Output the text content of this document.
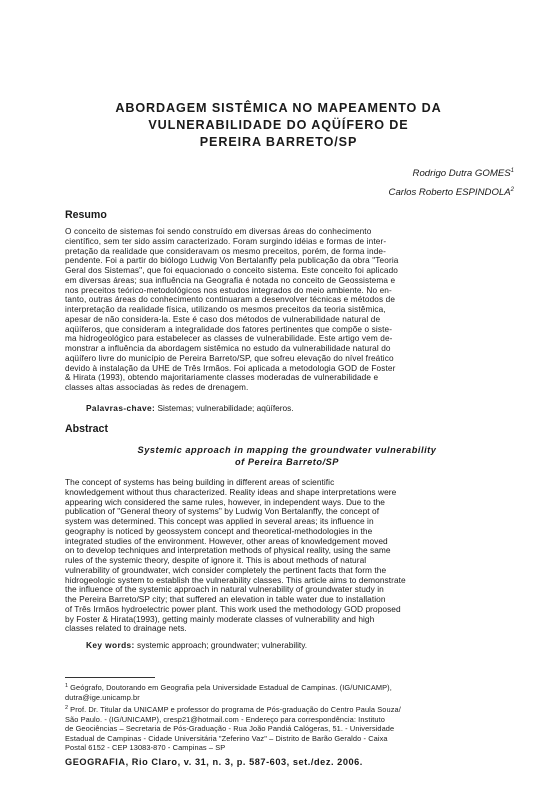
ABORDAGEM SISTÊMICA NO MAPEAMENTO DA
VULNERABILIDADE DO AQÜÍFERO DE
PEREIRA BARRETO/SP
Rodrigo Dutra GOMES$^1$
Carlos Roberto ESPINDOLA$^2$
Resumo

O conceito de sistemas foi sendo construído em diversas áreas do conhecimento
científico, sem ter sido assim caracterizado. Foram surgindo idéias e formas de inter-
pretação da realidade que consideravam os mesmo preceitos, porém, de forma inde-
pendente. Foi a partir do biólogo Ludwig Von Bertalanffy pela publicação da obra "Teoria
Geral dos Sistemas", que foi equacionado o conceito sistema. Este conceito foi aplicado
em diversas áreas; sua influência na Geografia é notada no conceito de Geossistema e
nos preceitos teórico-metodológicos nos estudos integrados do meio ambiente. No en-
tanto, outras áreas do conhecimento continuaram a desenvolver técnicas e métodos de
interpretação da realidade física, utilizando os mesmos preceitos da teoria sistêmica,
apesar de não considera-la. Este é caso dos métodos de vulnerabilidade natural de
aqüíferos, que consideram a integralidade dos fatores pertinentes que compõe o siste-
ma hidrogeológico para estabelecer as classes de vulnerabilidade. Este artigo vem de-
monstrar a influência da abordagem sistêmica no estudo da vulnerabilidade natural do
aqüífero livre do município de Pereira Barreto/SP, que sofreu elevação do nível freático
devido à instalação da UHE de Três Irmãos. Foi aplicada a metodologia GOD de Foster
& Hirata (1993), obtendo majoritariamente classes moderadas de vulnerabilidade e
classes altas associadas às redes de drenagem.

Palavras-chave: Sistemas; vulnerabilidade; aqüíferos.
Abstract
Systemic approach in mapping the groundwater vulnerability
of Pereira Barreto/SP

The concept of systems has being building in different areas of scientific
knowledgement without thus characterized. Reality ideas and shape interpretations were
appearing wich considered the same rules, however, in independent ways. Due to the
publication of "General theory of systems" by Ludwig Von Bertalanffy, the concept of
system was determined. This concept was applied in several areas; its influence in
geography is noticed by geossystem concept and theoretical-methodologies in the
integrated studies of the environment. However, other areas of knowledgement moved
on to develop techniques and interpretation methods of physical reality, using the same
rules of the systemic theory, despite of ignore it. This is about methods of natural
vulnerability of groundwater, wich consider completely the pertinent facts that form the
hidrogeologic system to establish the vulnerability classes. This article aims to demonstrate
the influence of the systemic approach in natural vulnerability of groundwater study in
the Pereira Barreto/SP city; that suffered an elevation in table water due to installation
of Três Irmãos hydroelectric power plant. This work used the methodology GOD proposed
by Foster & Hirata(1993), getting mainly moderate classes of vulnerability and high
classes related to drainage nets.

Key words: systemic approach; groundwater; vulnerability.
$^1$ Geógrafo, Doutorando em Geografia pela Universidade Estadual de Campinas. (IG/UNICAMP),
dutra@ige.unicamp.br
$^2$ Prof. Dr. Titular da UNICAMP e professor do programa de Pós-graduação do Centro Paula Souza/
São Paulo. - (IG/UNICAMP), cresp21@hotmail.com - Endereço para correspondência: Instituto
de Geociências – Secretaria de Pós-Graduação - Rua João Pandiá Calógeras, 51. - Universidade
Estadual de Campinas - Cidade Universitária "Zeferino Vaz" – Distrito de Barão Geraldo - Caixa
Postal 6152 - CEP 13083-870 - Campinas – SP
GEOGRAFIA, Rio Claro, v. 31, n. 3, p. 587-603, set./dez. 2006.
